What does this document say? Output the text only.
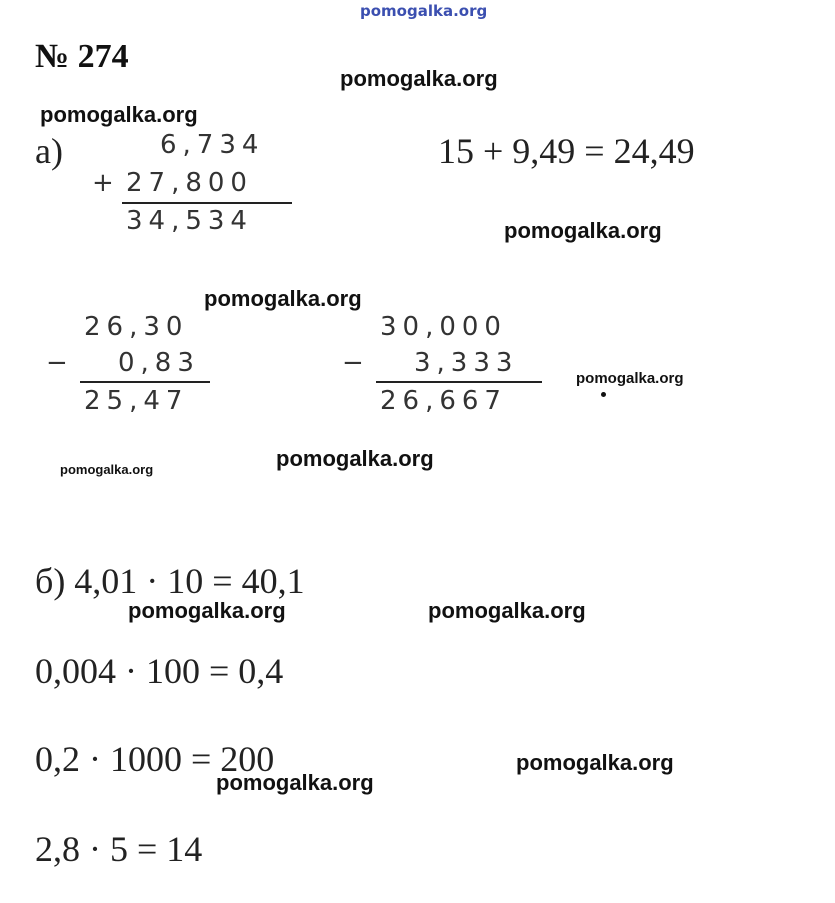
pomogalka.org
№ 274
pomogalka.org
pomogalka.org
pomogalka.org
pomogalka.org
pomogalka.org
pomogalka.org
pomogalka.org
pomogalka.org	pomogalka.org
pomogalka.org
pomogalka.org
а)
+
6,734
27,800
34,534
15 + 9,49 = 24,49
−
26,30
0,83
25,47
−
30,000
3,333
26,667
б) 4,01 · 10 = 40,1
0,004 · 100 = 0,4
0,2 · 1000 = 200
2,8 · 5 = 14
